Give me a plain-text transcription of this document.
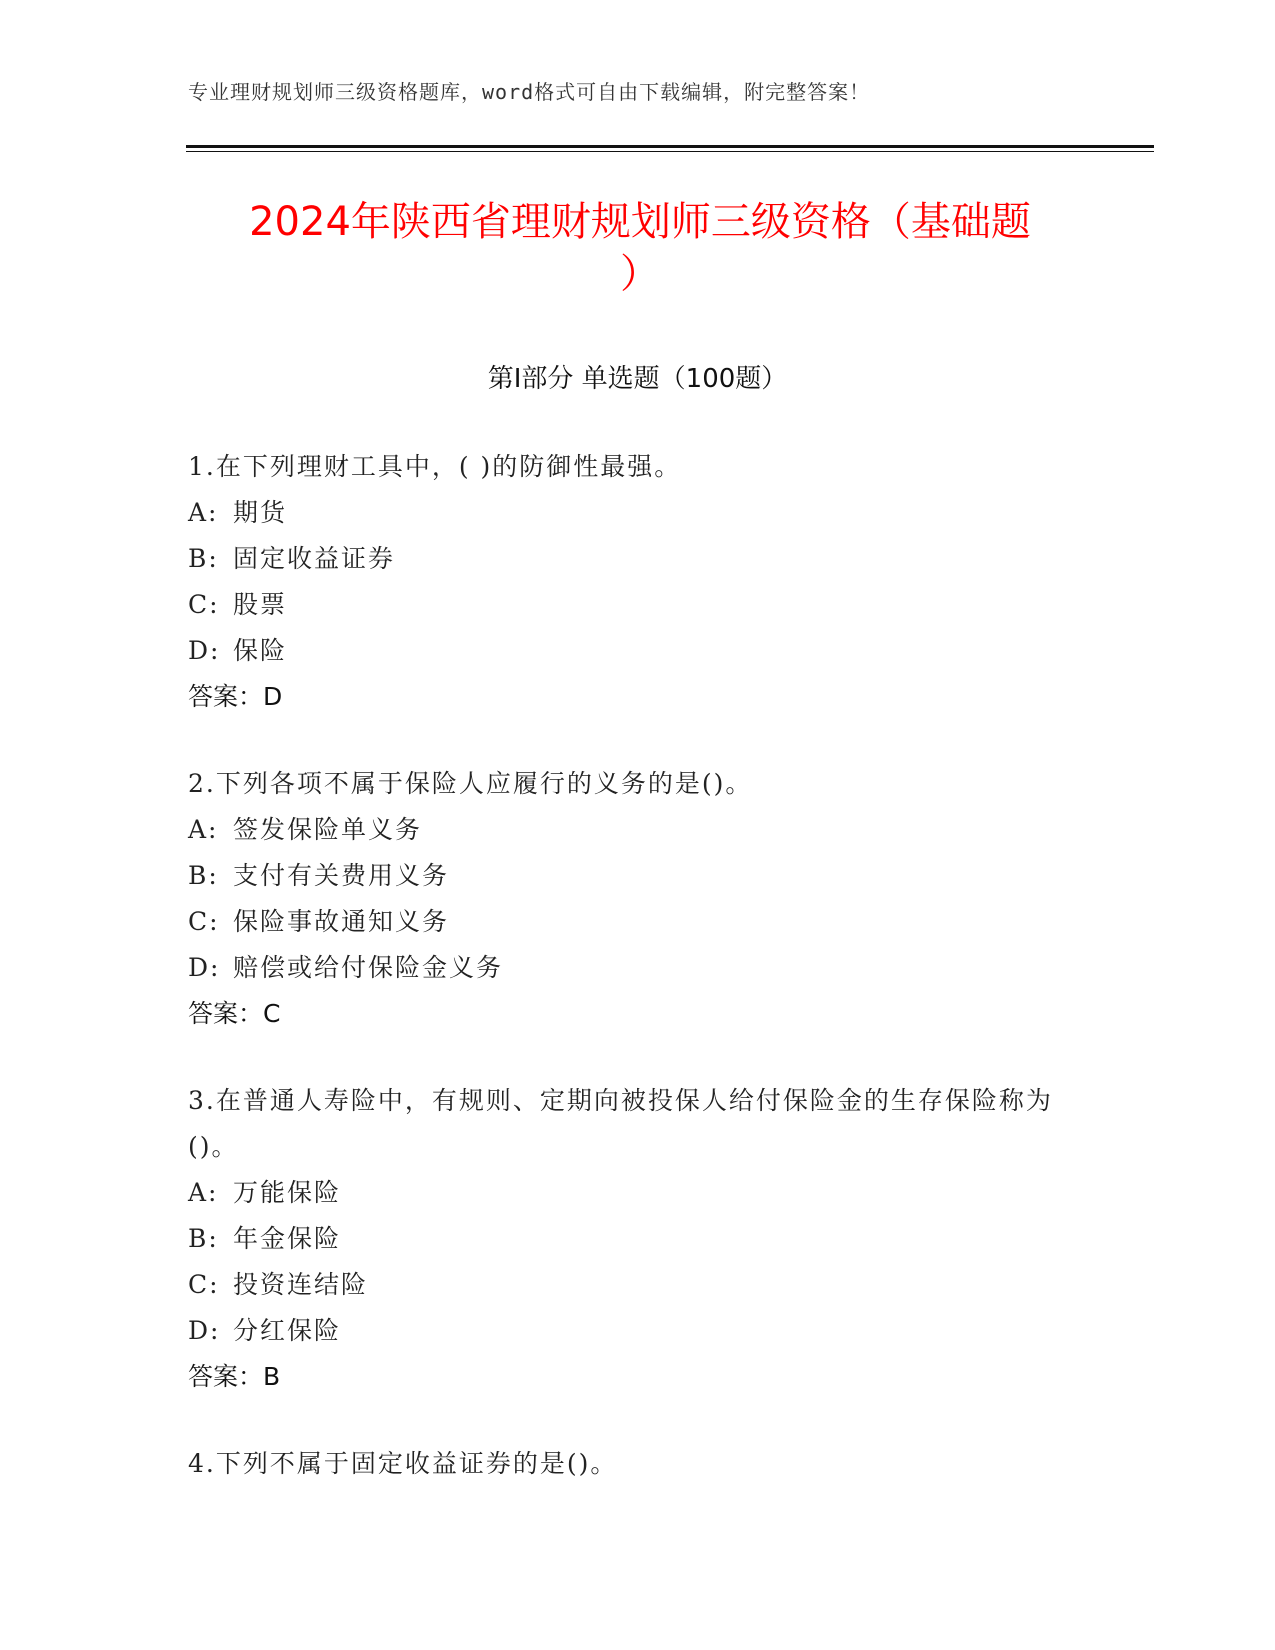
专业理财规划师三级资格题库，word格式可自由下载编辑，附完整答案！
2024年陕西省理财规划师三级资格（基础题
）
第I部分 单选题（100题）

1.在下列理财工具中，( )的防御性最强。

A: 期货

B: 固定收益证券

C: 股票

D: 保险

答案：D

2.下列各项不属于保险人应履行的义务的是()。

A: 签发保险单义务

B: 支付有关费用义务

C: 保险事故通知义务

D: 赔偿或给付保险金义务

答案：C

3.在普通人寿险中，有规则、定期向被投保人给付保险金的生存保险称为()。

A: 万能保险

B: 年金保险

C: 投资连结险

D: 分红保险

答案：B

4.下列不属于固定收益证券的是()。
